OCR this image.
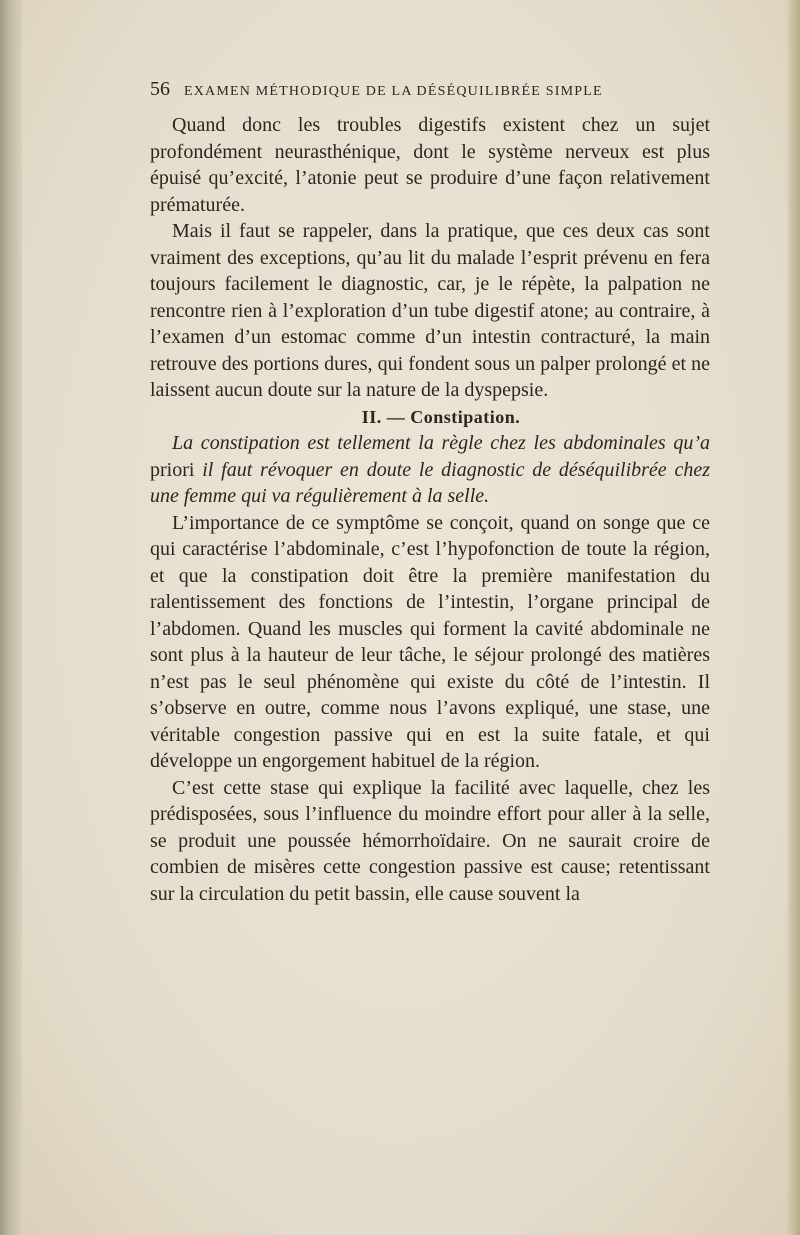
56 EXAMEN MÉTHODIQUE DE LA DÉSÉQUILIBRÉE SIMPLE

Quand donc les troubles digestifs existent chez un sujet profondément neurasthénique, dont le système nerveux est plus épuisé qu’excité, l’atonie peut se produire d’une façon relativement prématurée.

Mais il faut se rappeler, dans la pratique, que ces deux cas sont vraiment des exceptions, qu’au lit du malade l’esprit prévenu en fera toujours facilement le diagnostic, car, je le répète, la palpation ne rencontre rien à l’exploration d’un tube digestif atone; au contraire, à l’examen d’un estomac comme d’un intestin contracturé, la main retrouve des portions dures, qui fondent sous un palper prolongé et ne laissent aucun doute sur la nature de la dyspepsie.

II. — Constipation.

La constipation est tellement la règle chez les abdominales qu’a priori il faut révoquer en doute le diagnostic de déséquilibrée chez une femme qui va régulièrement à la selle.

L’importance de ce symptôme se conçoit, quand on songe que ce qui caractérise l’abdominale, c’est l’hypofonction de toute la région, et que la constipation doit être la première manifestation du ralentissement des fonctions de l’intestin, l’organe principal de l’abdomen. Quand les muscles qui forment la cavité abdominale ne sont plus à la hauteur de leur tâche, le séjour prolongé des matières n’est pas le seul phénomène qui existe du côté de l’intestin. Il s’observe en outre, comme nous l’avons expliqué, une stase, une véritable congestion passive qui en est la suite fatale, et qui développe un engorgement habituel de la région.

C’est cette stase qui explique la facilité avec laquelle, chez les prédisposées, sous l’influence du moindre effort pour aller à la selle, se produit une poussée hémorrhoïdaire. On ne saurait croire de combien de misères cette congestion passive est cause; retentissant sur la circulation du petit bassin, elle cause souvent la
